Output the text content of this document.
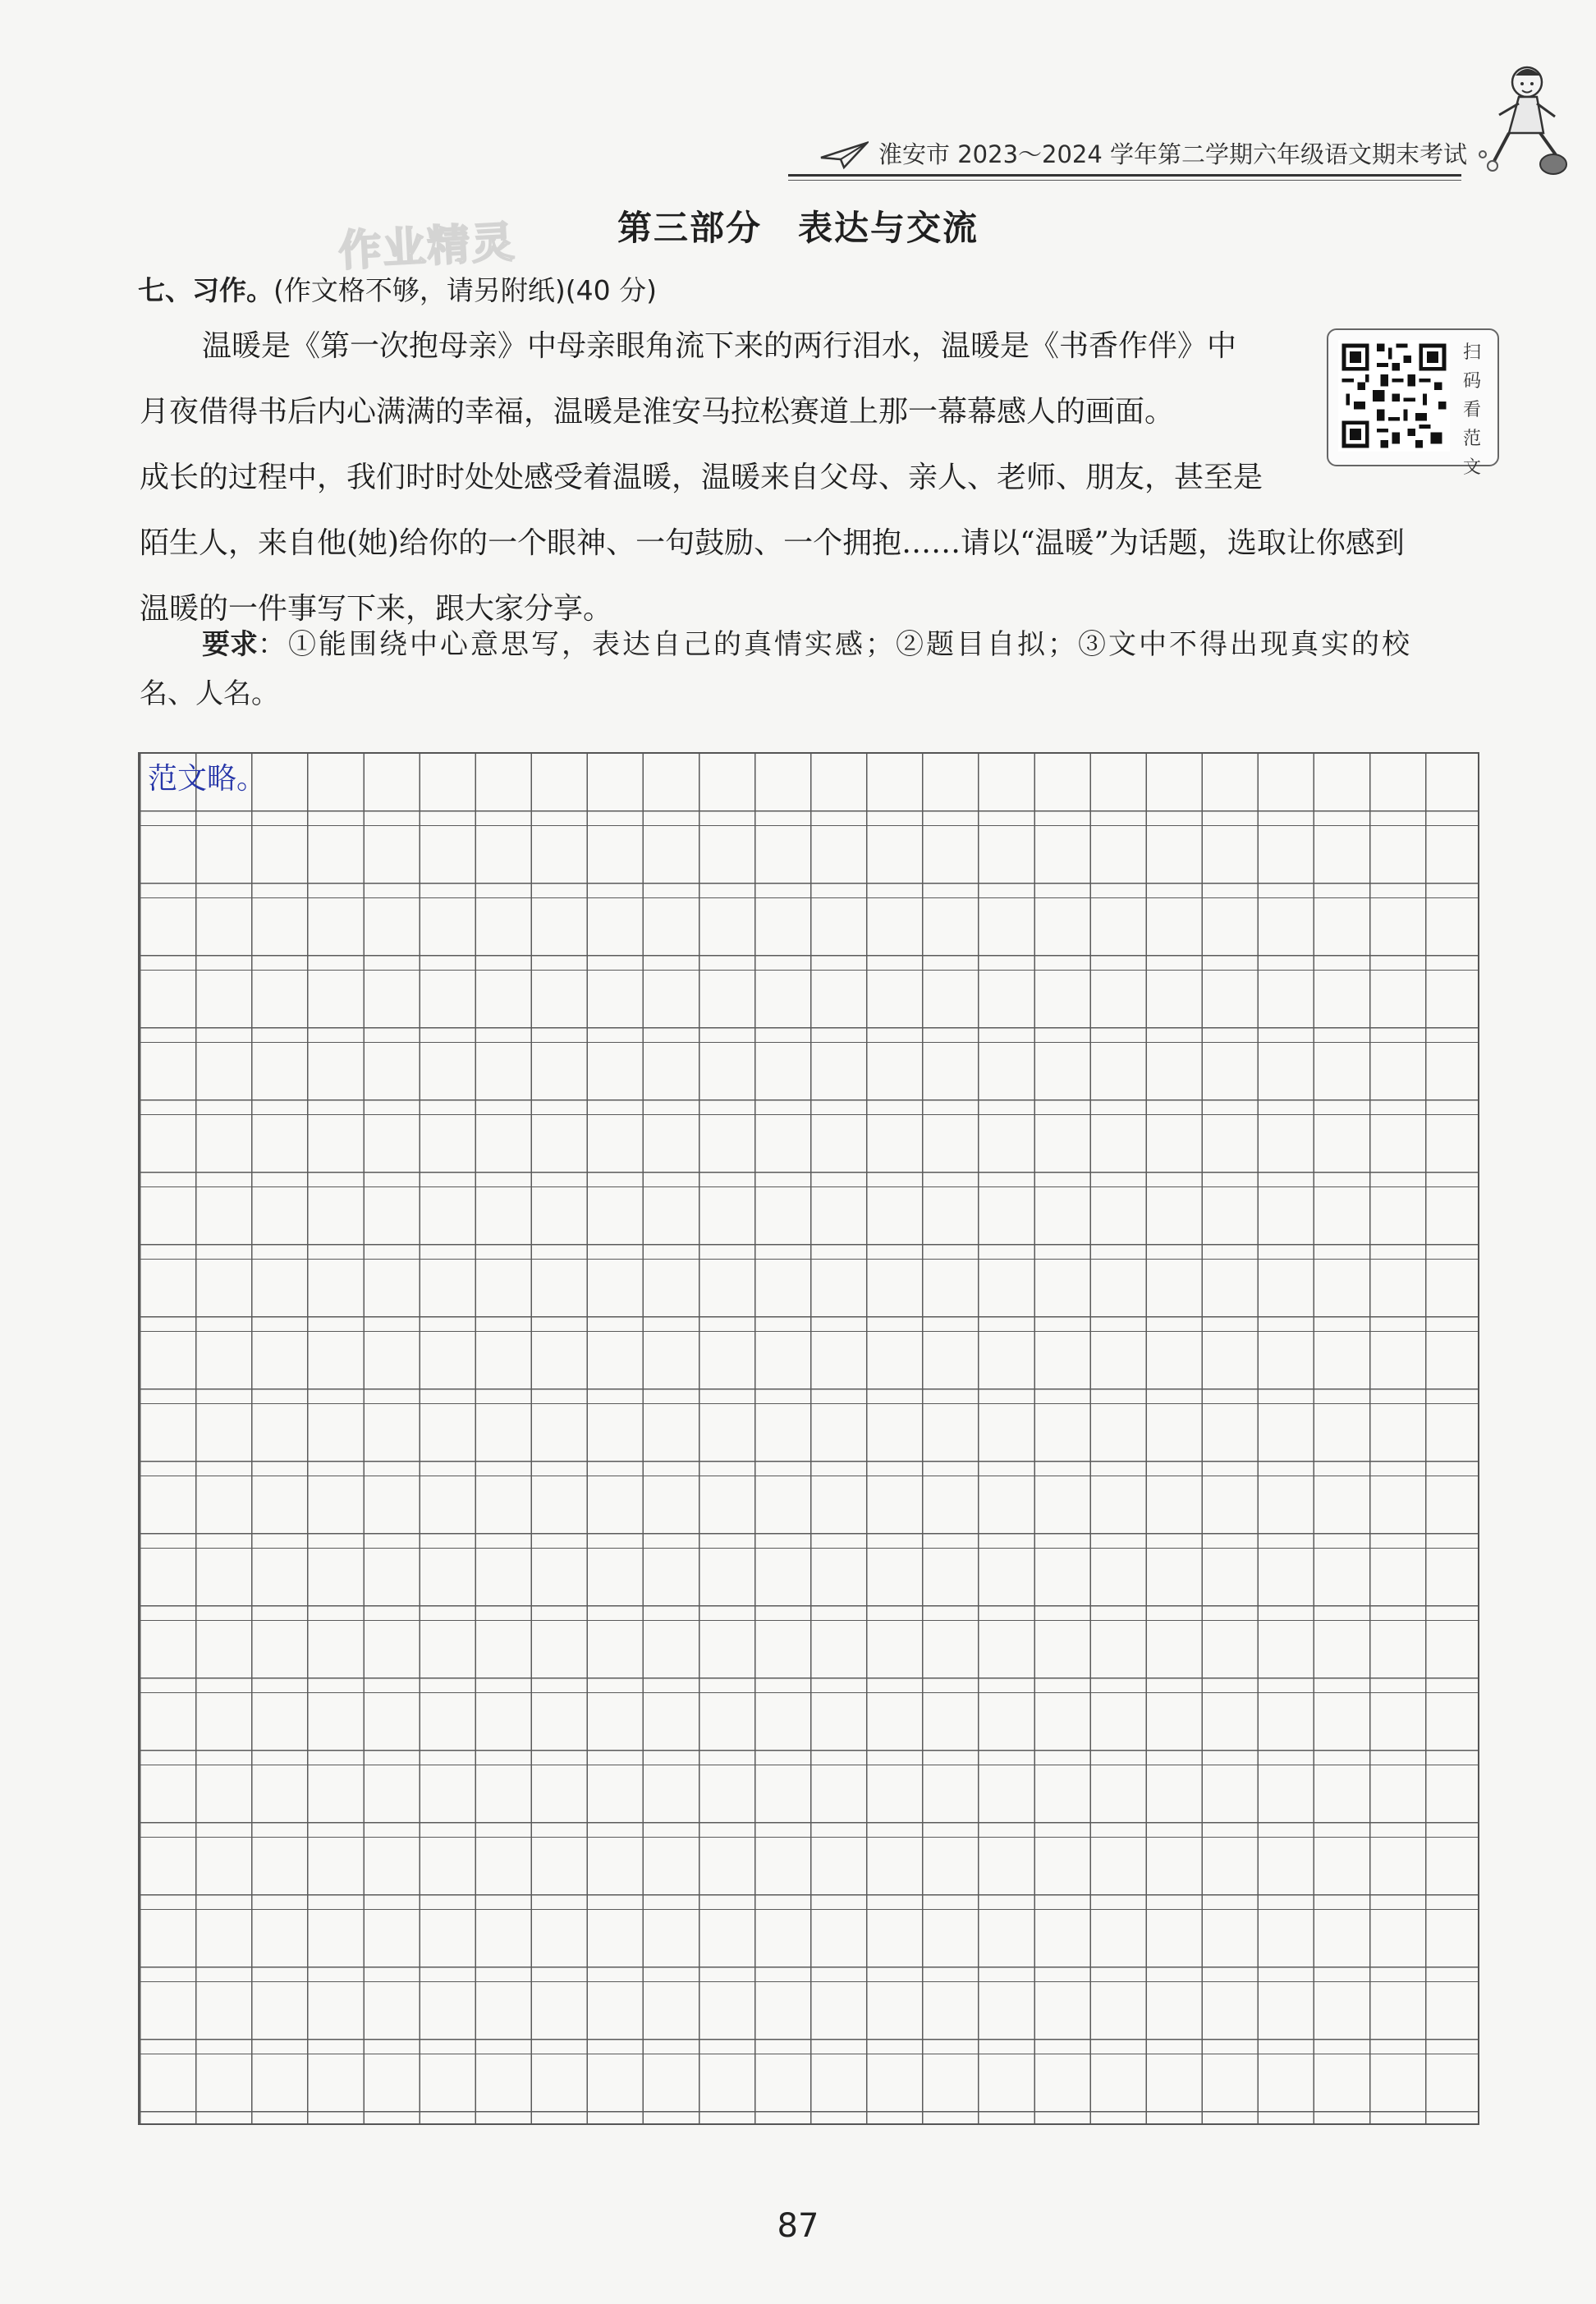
淮安市 2023～2024 学年第二学期六年级语文期末考试
第三部分　表达与交流
作业精灵
七、习作。(作文格不够，请另附纸)(40 分)
温暖是《第一次抱母亲》中母亲眼角流下来的两行泪水，温暖是《书香作伴》中
月夜借得书后内心满满的幸福，温暖是淮安马拉松赛道上那一幕幕感人的画面。
成长的过程中，我们时时处处感受着温暖，温暖来自父母、亲人、老师、朋友，甚至是
陌生人，来自他(她)给你的一个眼神、一句鼓励、一个拥抱……请以“温暖”为话题，选取让你感到
温暖的一件事写下来，跟大家分享。
扫
码
看
范
文
要求：①能围绕中心意思写，表达自己的真情实感；②题目自拟；③文中不得出现真实的校
名、人名。
范文略。
87
